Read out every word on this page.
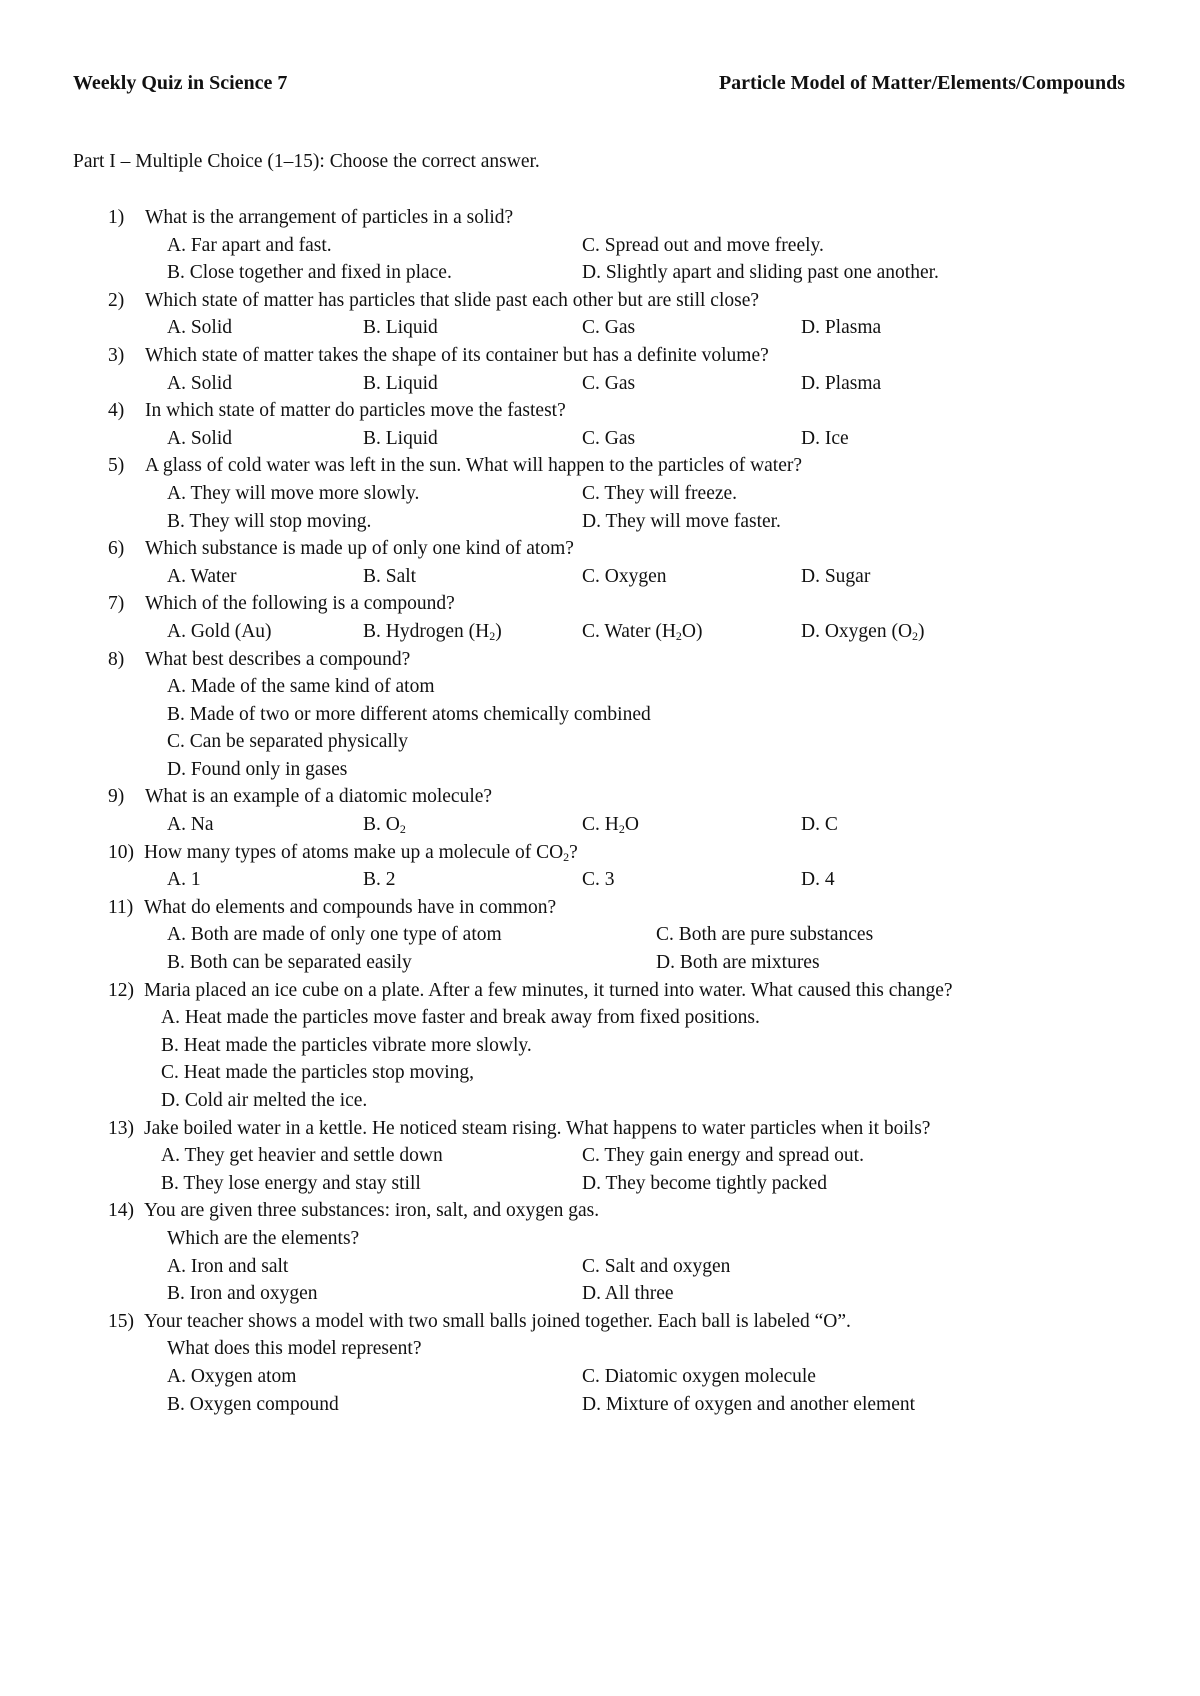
Weekly Quiz in Science 7	Particle Model of Matter/Elements/Compounds
Part I – Multiple Choice (1–15): Choose the correct answer.
1) What is the arrangement of particles in a solid?
A. Far apart and fast.	C. Spread out and move freely.
B. Close together and fixed in place.	D. Slightly apart and sliding past one another.
2) Which state of matter has particles that slide past each other but are still close?
A. Solid	B. Liquid	C. Gas	D. Plasma
3) Which state of matter takes the shape of its container but has a definite volume?
A. Solid	B. Liquid	C. Gas	D. Plasma
4) In which state of matter do particles move the fastest?
A. Solid	B. Liquid	C. Gas	D. Ice
5) A glass of cold water was left in the sun. What will happen to the particles of water?
A. They will move more slowly.	C. They will freeze.
B. They will stop moving.	D. They will move faster.
6) Which substance is made up of only one kind of atom?
A. Water	B. Salt	C. Oxygen	D. Sugar
7) Which of the following is a compound?
A. Gold (Au)	B. Hydrogen $(H_2)$	C. Water $(H_2O)$	D. Oxygen $(O_2)$
8) What best describes a compound?
A. Made of the same kind of atom
B. Made of two or more different atoms chemically combined
C. Can be separated physically
D. Found only in gases
9) What is an example of a diatomic molecule?
A. Na	B. $O_2$	C. $H_2O$	D. C
10) How many types of atoms make up a molecule of $CO_2$?
A. 1	B. 2	C. 3	D. 4
11) What do elements and compounds have in common?
A. Both are made of only one type of atom	C. Both are pure substances
B. Both can be separated easily	D. Both are mixtures
12) Maria placed an ice cube on a plate. After a few minutes, it turned into water. What caused this change?
A. Heat made the particles move faster and break away from fixed positions.
B. Heat made the particles vibrate more slowly.
C. Heat made the particles stop moving,
D. Cold air melted the ice.
13) Jake boiled water in a kettle. He noticed steam rising. What happens to water particles when it boils?
A. They get heavier and settle down	C. They gain energy and spread out.
B. They lose energy and stay still	D. They become tightly packed
14) You are given three substances: iron, salt, and oxygen gas.
Which are the elements?
A. Iron and salt	C. Salt and oxygen
B. Iron and oxygen	D. All three
15) Your teacher shows a model with two small balls joined together. Each ball is labeled “O”.
What does this model represent?
A. Oxygen atom	C. Diatomic oxygen molecule
B. Oxygen compound	D. Mixture of oxygen and another element
